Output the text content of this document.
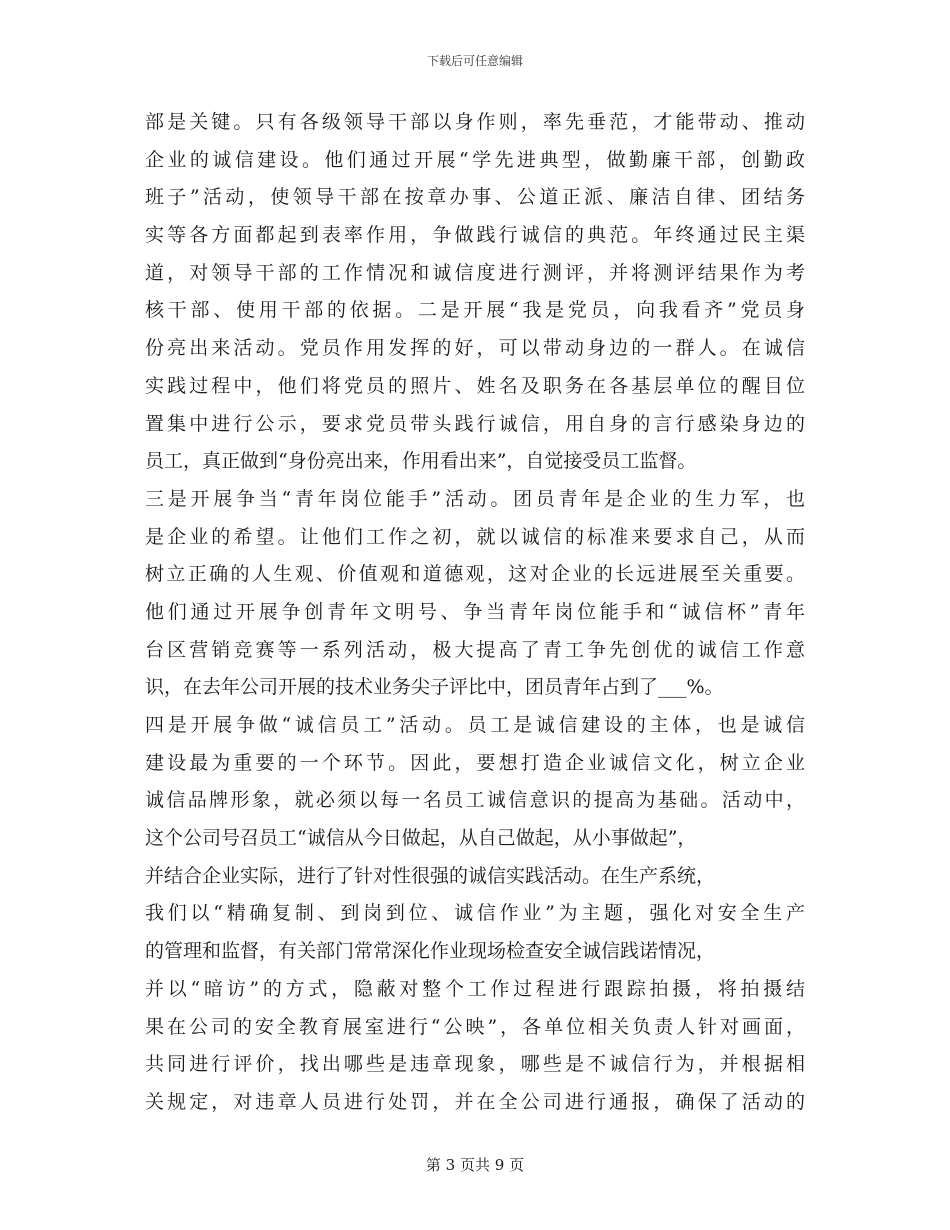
下载后可任意编辑
部是关键。只有各级领导干部以身作则，率先垂范，才能带动、推动
企业的诚信建设。他们通过开展“学先进典型，做勤廉干部，创勤政
班子”活动，使领导干部在按章办事、公道正派、廉洁自律、团结务
实等各方面都起到表率作用，争做践行诚信的典范。年终通过民主渠
道，对领导干部的工作情况和诚信度进行测评，并将测评结果作为考
核干部、使用干部的依据。二是开展“我是党员，向我看齐”党员身
份亮出来活动。党员作用发挥的好，可以带动身边的一群人。在诚信
实践过程中，他们将党员的照片、姓名及职务在各基层单位的醒目位
置集中进行公示，要求党员带头践行诚信，用自身的言行感染身边的
员工，真正做到“身份亮出来，作用看出来”，自觉接受员工监督。
三是开展争当“青年岗位能手”活动。团员青年是企业的生力军，也
是企业的希望。让他们工作之初，就以诚信的标准来要求自己，从而
树立正确的人生观、价值观和道德观，这对企业的长远进展至关重要。
他们通过开展争创青年文明号、争当青年岗位能手和“诚信杯”青年
台区营销竞赛等一系列活动，极大提高了青工争先创优的诚信工作意
识，在去年公司开展的技术业务尖子评比中，团员青年占到了___%。
四是开展争做“诚信员工”活动。员工是诚信建设的主体，也是诚信
建设最为重要的一个环节。因此，要想打造企业诚信文化，树立企业
诚信品牌形象，就必须以每一名员工诚信意识的提高为基础。活动中，
这个公司号召员工“诚信从今日做起，从自己做起，从小事做起”，
并结合企业实际，进行了针对性很强的诚信实践活动。在生产系统，
我们以“精确复制、到岗到位、诚信作业”为主题，强化对安全生产
的管理和监督，有关部门常常深化作业现场检查安全诚信践诺情况，
并以“暗访”的方式，隐蔽对整个工作过程进行跟踪拍摄，将拍摄结
果在公司的安全教育展室进行“公映”，各单位相关负责人针对画面，
共同进行评价，找出哪些是违章现象，哪些是不诚信行为，并根据相
关规定，对违章人员进行处罚，并在全公司进行通报，确保了活动的
第 3 页共 9 页
